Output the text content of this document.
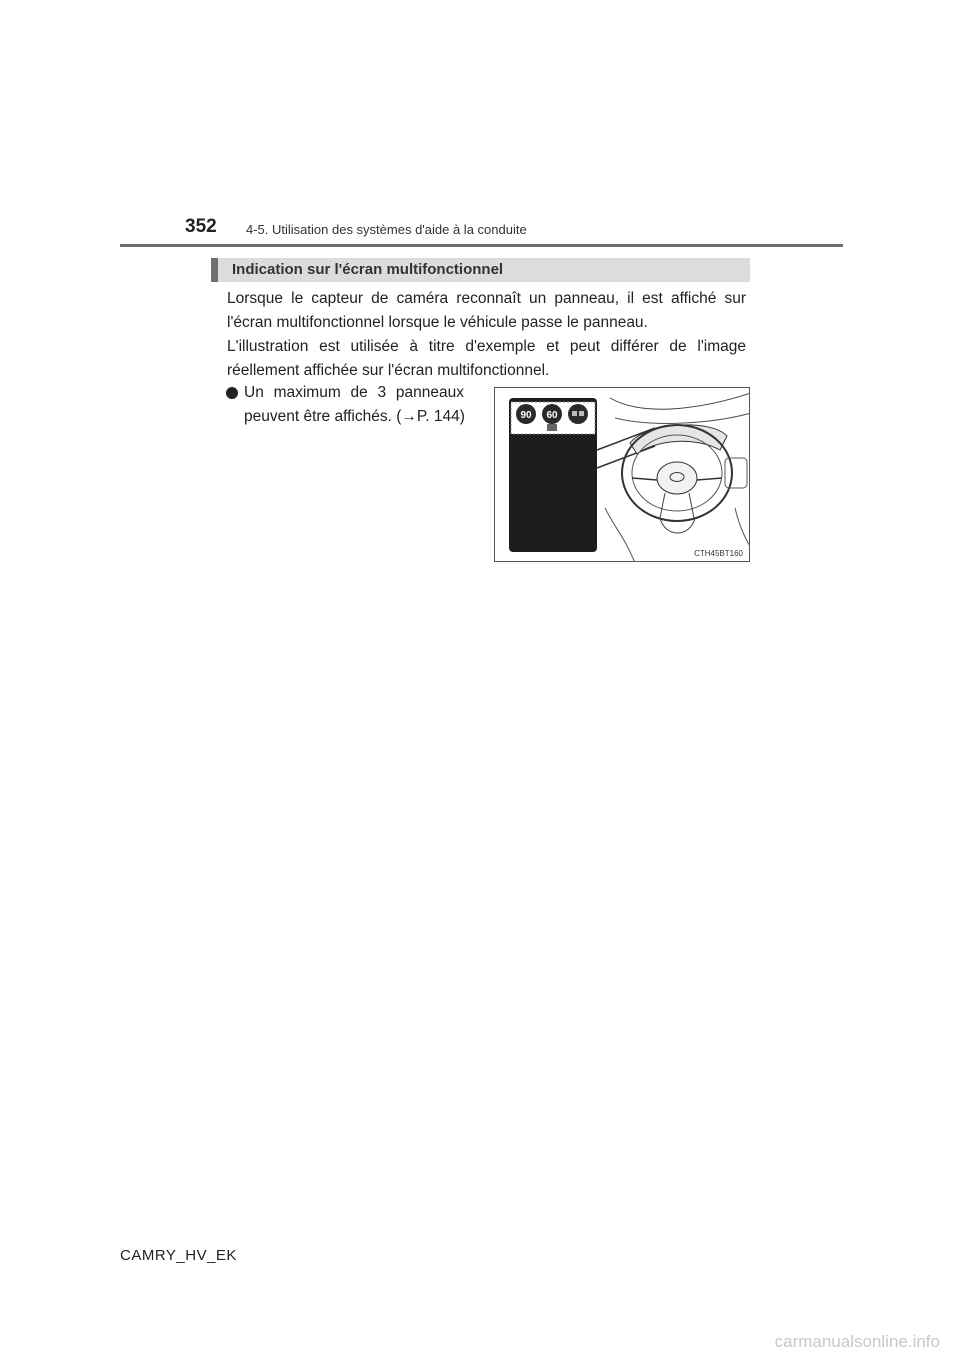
352 4-5. Utilisation des systèmes d'aide à la conduite
Indication sur l'écran multifonctionnel
Lorsque le capteur de caméra reconnaît un panneau, il est affiché sur l'écran multifonctionnel lorsque le véhicule passe le panneau.
L'illustration est utilisée à titre d'exemple et peut différer de l'image réellement affichée sur l'écran multifonctionnel.
Un maximum de 3 panneaux
peuvent être affichés. (→P. 144)	90 60
CTH45BT160
CAMRY_HV_EK
carmanualsonline.info
